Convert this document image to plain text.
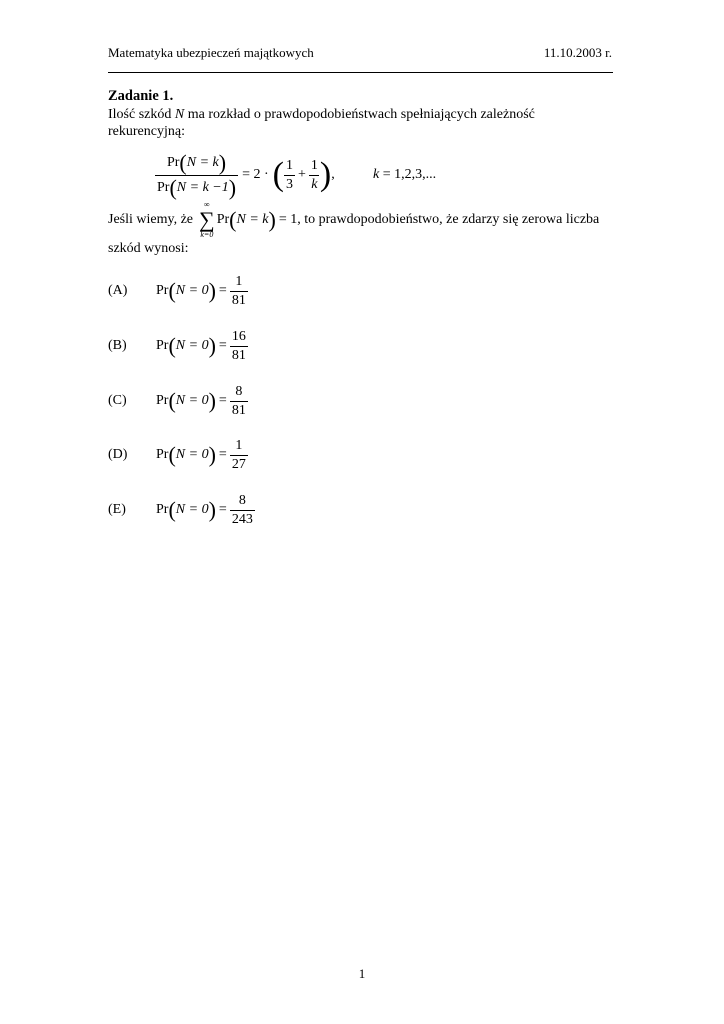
Matematyka ubezpieczeń majątkowych	11.10.2003 r.
Zadanie 1.
Ilość szkód N ma rozkład o prawdopodobieństwach spełniających zależność rekurencyjną:
$\frac{Pr(N = k)}{Pr(N = k -1)} = 2$ · ( $\frac{1}{3} + \frac{1}{k}$ ) ,	k = 1,2,3,...
Jeśli wiemy, że
∞
∑
k=0
Pr ( N = k ) = 1 , to prawdopodobieństwo, że zdarzy się zerowa liczba
szkód wynosi:
(A)	Pr ( N = 0 ) = $\frac{1}{81}$
(B)	Pr ( N = 0 ) = $\frac{16}{81}$
(C)	Pr ( N = 0 ) = $\frac{8}{81}$
(D)	Pr ( N = 0 ) = $\frac{1}{27}$
(E)	Pr ( N = 0 ) = $\frac{8}{243}$
1
